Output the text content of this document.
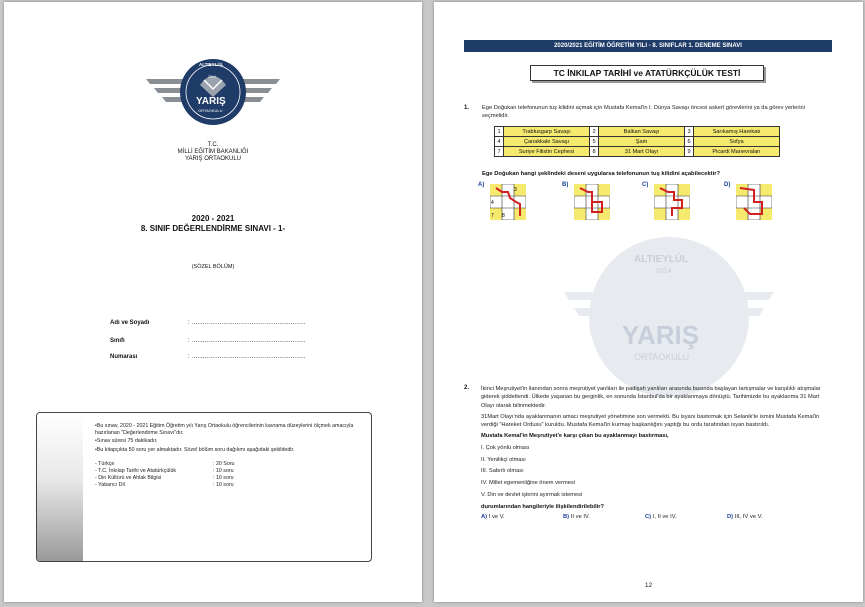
ALTIEYLÜL
2014
YARIŞ
ORTAOKULU
T.C.
MİLLİ EĞİTİM BAKANLIĞI
YARIŞ ORTAOKULU
2020 - 2021
8. SINIF DEĞERLENDİRME SINAVI - 1-
(SÖZEL BÖLÜM)
Adı ve Soyadı	: .............................................................
Sınıfı	: .............................................................
Numarası	: .............................................................
• Bu sınav, 2020 - 2021 Eğitim Öğretim yılı Yarış Ortaokulu öğrencilerinin kavrama düzeylerini ölçmek amacıyla hazırlanan "Değerlendirme Sınavı"dır.
• Sınav süresi 75 dakikadır.
• Bu kitapçıkta 50 soru yer almaktadır. Sözel bölüm soru dağılımı aşağıdaki şekildedir.
- Türkçe	: 20 Soru
- T.C. İnkılap Tarihi ve Atatürkçülük	: 10 soru
- Din Kültürü ve Ahlak Bilgisi	: 10 soru
- Yabancı Dil	: 10 soru
ALTIEYLÜL
2014
YARIŞ
ORTAOKULU
2020/2021 EĞİTİM ÖĞRETİM YILI - 8. SINIFLAR 1. DENEME SINAVI
TC İNKILAP TARİHİ ve ATATÜRKÇÜLÜK TESTİ
1. Ege Doğukan telefonunun tuş kilidini açmak için Mustafa Kemal'in I. Dünya Savaşı öncesi askerî görevlerini ya da görev yerlerini seçmelidir.
1	Trablusgarp Savaşı	2	Balkan Savaşı	3	Sarıkamış Harekatı
4	Çanakkale Savaşı	5	Şam	6	Sofya
7	Suriye Filistin Cephesi	8	31 Mart Olayı	9	Picardi Manevraları
Ege Doğukan hangi şeklindeki deseni uygularsa telefonunun tuş kilidini açabilecektir?
A)	B)	C)	D)
4
3
7 8
2. İkinci Meşrutiyet'in ilanından sonra meşrutiyet yanlıları ile padişah yanlıları arasında basında başlayan tartışmalar ve karşılıklı atışmalar giderek şiddetlendi. Ülkede yaşanan bu gerginlik, en sonunda İstanbul'da bir ayaklanmaya dönüştü. Tarihimizde bu ayaklanma 31 Mart Olayı olarak bilinmektedir.

31Mart Olayı'nda ayaklanmanın amacı meşrutiyet yönetimine son vermekti. Bu isyanı bastırmak için Selanik'te ismini Mustafa Kemal'in verdiği "Hareket Ordusu" kuruldu. Mustafa Kemal'in kurmay başkanlığını yaptığı bu ordu tarafından isyan bastırıldı.

Mustafa Kemal'in Meşrutiyet'e karşı çıkan bu ayaklanmayı bastırması,

I. Çok yönlü olması

II. Yenilikçi olması

III. Sabırlı olması

IV. Millet egemenliğine önem vermesi

V. Din ve devlet işlerini ayırmak istemesi

durumlarından hangileriyle ilişkilendirilebilir?

A) I ve V.	B) II ve IV.	C) I, II ve IV.	D) III, IV ve V.
12
